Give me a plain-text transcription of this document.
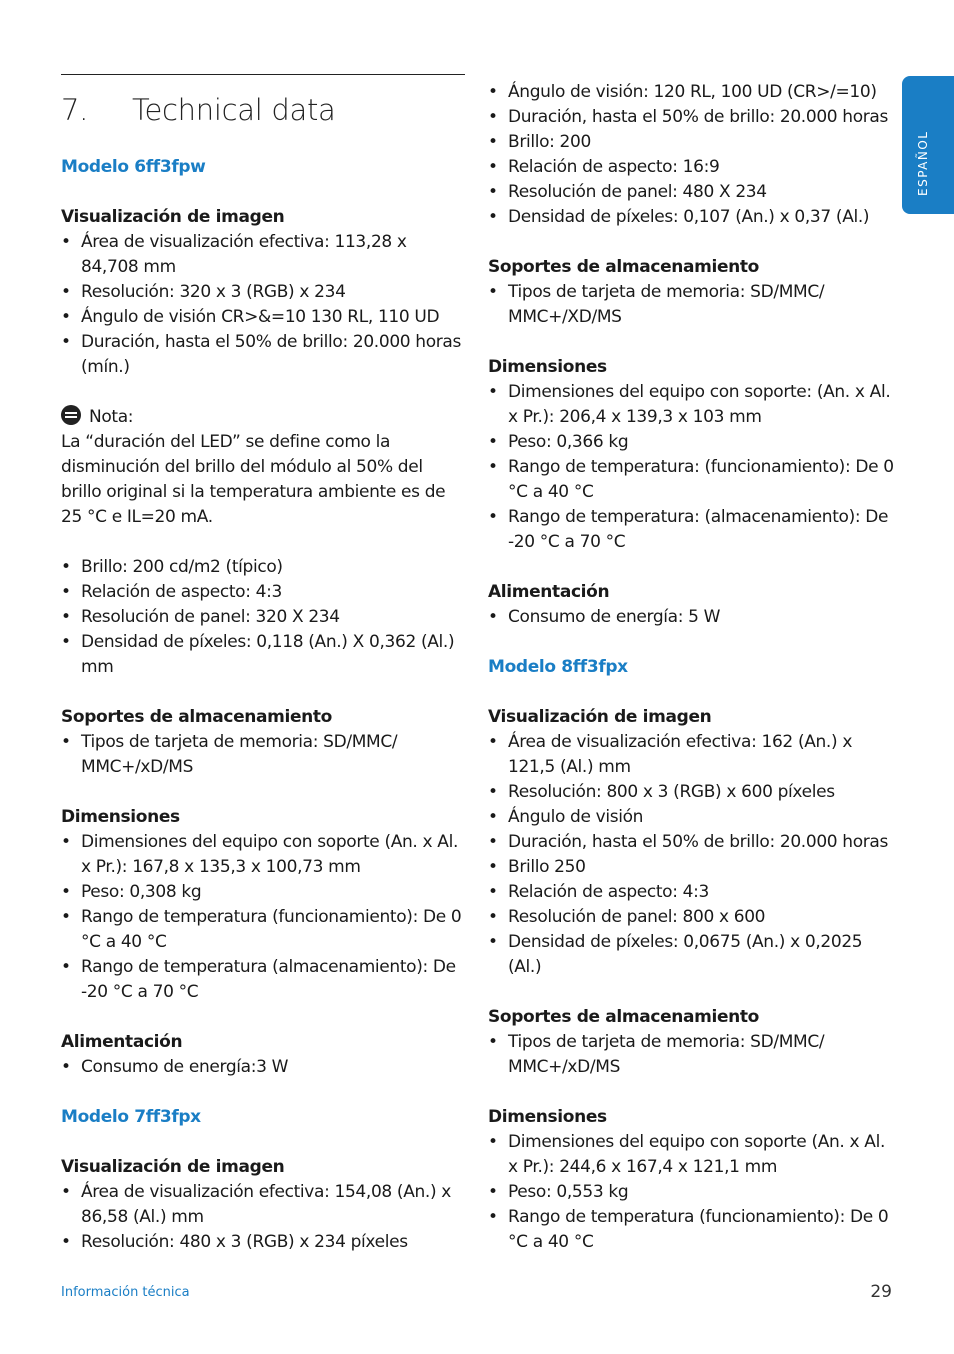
7. Technical data
ESPAÑOL
Modelo 6ff3fpw
Visualización de imagen
• Área de visualización efectiva: 113,28 x 84,708 mm
• Resolución: 320 x 3 (RGB) x 234
• Ángulo de visión CR>&=10 130 RL, 110 UD
• Duración, hasta el 50% de brillo: 20.000 horas (mín.)
Nota:
La “duración del LED” se define como la disminución del brillo del módulo al 50% del brillo original si la temperatura ambiente es de 25 °C e IL=20 mA.
• Brillo: 200 cd/m2 (típico)
• Relación de aspecto: 4:3
• Resolución de panel: 320 X 234
• Densidad de píxeles: 0,118 (An.) X 0,362 (Al.) mm
Soportes de almacenamiento
• Tipos de tarjeta de memoria: SD/MMC/ MMC+/xD/MS
Dimensiones
• Dimensiones del equipo con soporte (An. x Al. x Pr.): 167,8 x 135,3 x 100,73 mm
• Peso: 0,308 kg
• Rango de temperatura (funcionamiento): De 0 °C a 40 °C
• Rango de temperatura (almacenamiento): De -20 °C a 70 °C
Alimentación
• Consumo de energía:3 W
Modelo 7ff3fpx
Visualización de imagen
• Área de visualización efectiva: 154,08 (An.) x 86,58 (Al.) mm
• Resolución: 480 x 3 (RGB) x 234 píxeles
• Ángulo de visión: 120 RL, 100 UD (CR>/=10)
• Duración, hasta el 50% de brillo: 20.000 horas
• Brillo: 200
• Relación de aspecto: 16:9
• Resolución de panel: 480 X 234
• Densidad de píxeles: 0,107 (An.) x 0,37 (Al.)
Soportes de almacenamiento
• Tipos de tarjeta de memoria: SD/MMC/ MMC+/XD/MS
Dimensiones
• Dimensiones del equipo con soporte: (An. x Al. x Pr.): 206,4 x 139,3 x 103 mm
• Peso: 0,366 kg
• Rango de temperatura: (funcionamiento): De 0 °C a 40 °C
• Rango de temperatura: (almacenamiento): De -20 °C a 70 °C
Alimentación
• Consumo de energía: 5 W
Modelo 8ff3fpx
Visualización de imagen
• Área de visualización efectiva: 162 (An.) x 121,5 (Al.) mm
• Resolución: 800 x 3 (RGB) x 600 píxeles
• Ángulo de visión
• Duración, hasta el 50% de brillo: 20.000 horas
• Brillo 250
• Relación de aspecto: 4:3
• Resolución de panel: 800 x 600
• Densidad de píxeles: 0,0675 (An.) x 0,2025 (Al.)
Soportes de almacenamiento
• Tipos de tarjeta de memoria: SD/MMC/ MMC+/xD/MS
Dimensiones
• Dimensiones del equipo con soporte (An. x Al. x Pr.): 244,6 x 167,4 x 121,1 mm
• Peso: 0,553 kg
• Rango de temperatura (funcionamiento): De 0 °C a 40 °C
Información técnica	29
